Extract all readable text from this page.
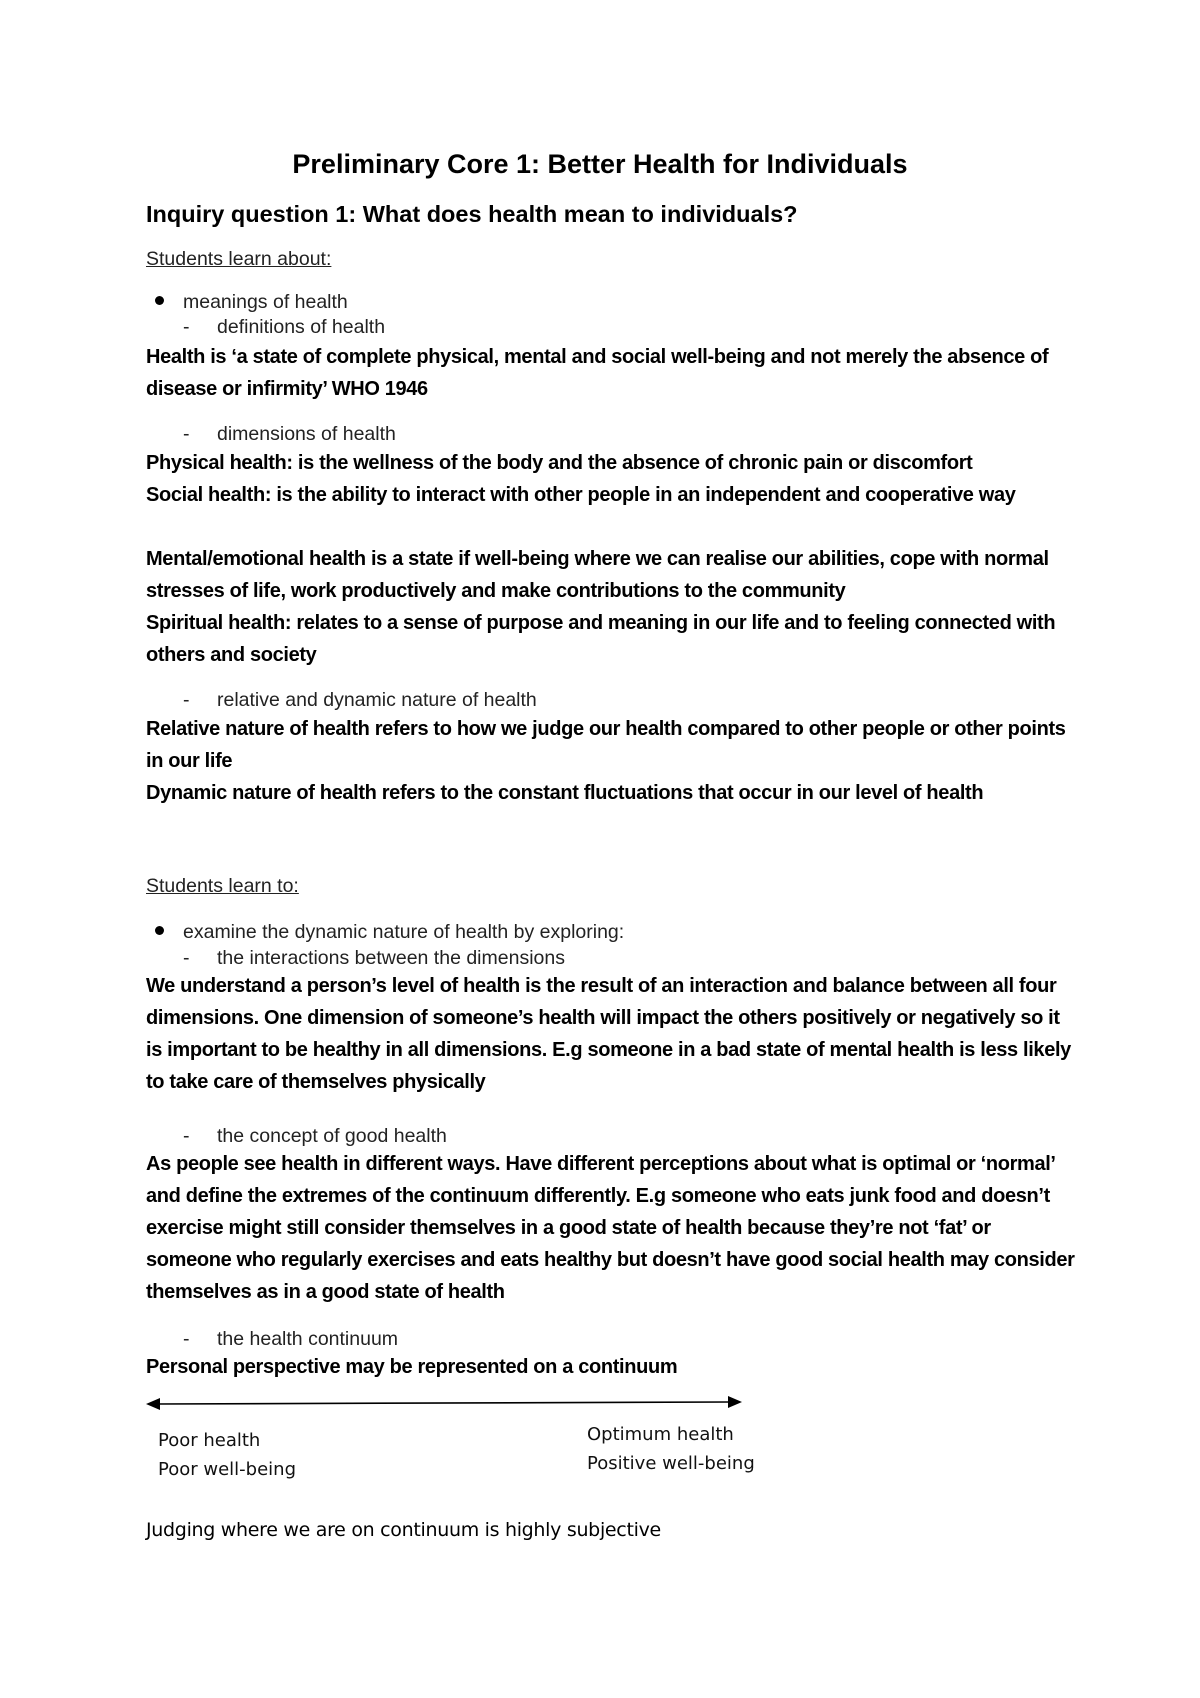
Preliminary Core 1: Better Health for Individuals
Inquiry question 1: What does health mean to individuals?
Students learn about:
meanings of health
- definitions of health

Health is ‘a state of complete physical, mental and social well-being and not merely the absence of disease or infirmity’ WHO 1946

- dimensions of health

Physical health: is the wellness of the body and the absence of chronic pain or discomfort

Social health: is the ability to interact with other people in an independent and cooperative way

Mental/emotional health is a state if well-being where we can realise our abilities, cope with normal stresses of life, work productively and make contributions to the community

Spiritual health: relates to a sense of purpose and meaning in our life and to feeling connected with others and society

- relative and dynamic nature of health

Relative nature of health refers to how we judge our health compared to other people or other points in our life

Dynamic nature of health refers to the constant fluctuations that occur in our level of health

Students learn to:
examine the dynamic nature of health by exploring:
- the interactions between the dimensions

We understand a person’s level of health is the result of an interaction and balance between all four dimensions. One dimension of someone’s health will impact the others positively or negatively so it is important to be healthy in all dimensions. E.g someone in a bad state of mental health is less likely to take care of themselves physically

- the concept of good health

As people see health in different ways. Have different perceptions about what is optimal or ‘normal’ and define the extremes of the continuum differently. E.g someone who eats junk food and doesn’t exercise might still consider themselves in a good state of health because they’re not ‘fat’ or someone who regularly exercises and eats healthy but doesn’t have good social health may consider themselves as in a good state of health

- the health continuum

Personal perspective may be represented on a continuum

Poor health
Poor well-being
Optimum health
Positive well-being

Judging where we are on continuum is highly subjective
